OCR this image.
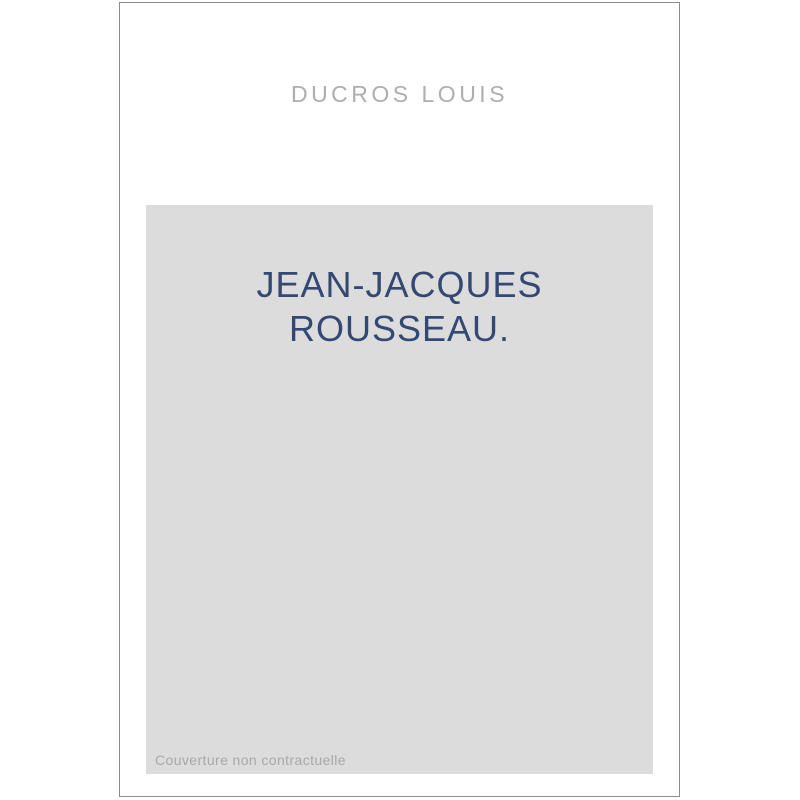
DUCROS LOUIS
JEAN-JACQUES
ROUSSEAU.
Couverture non contractuelle
